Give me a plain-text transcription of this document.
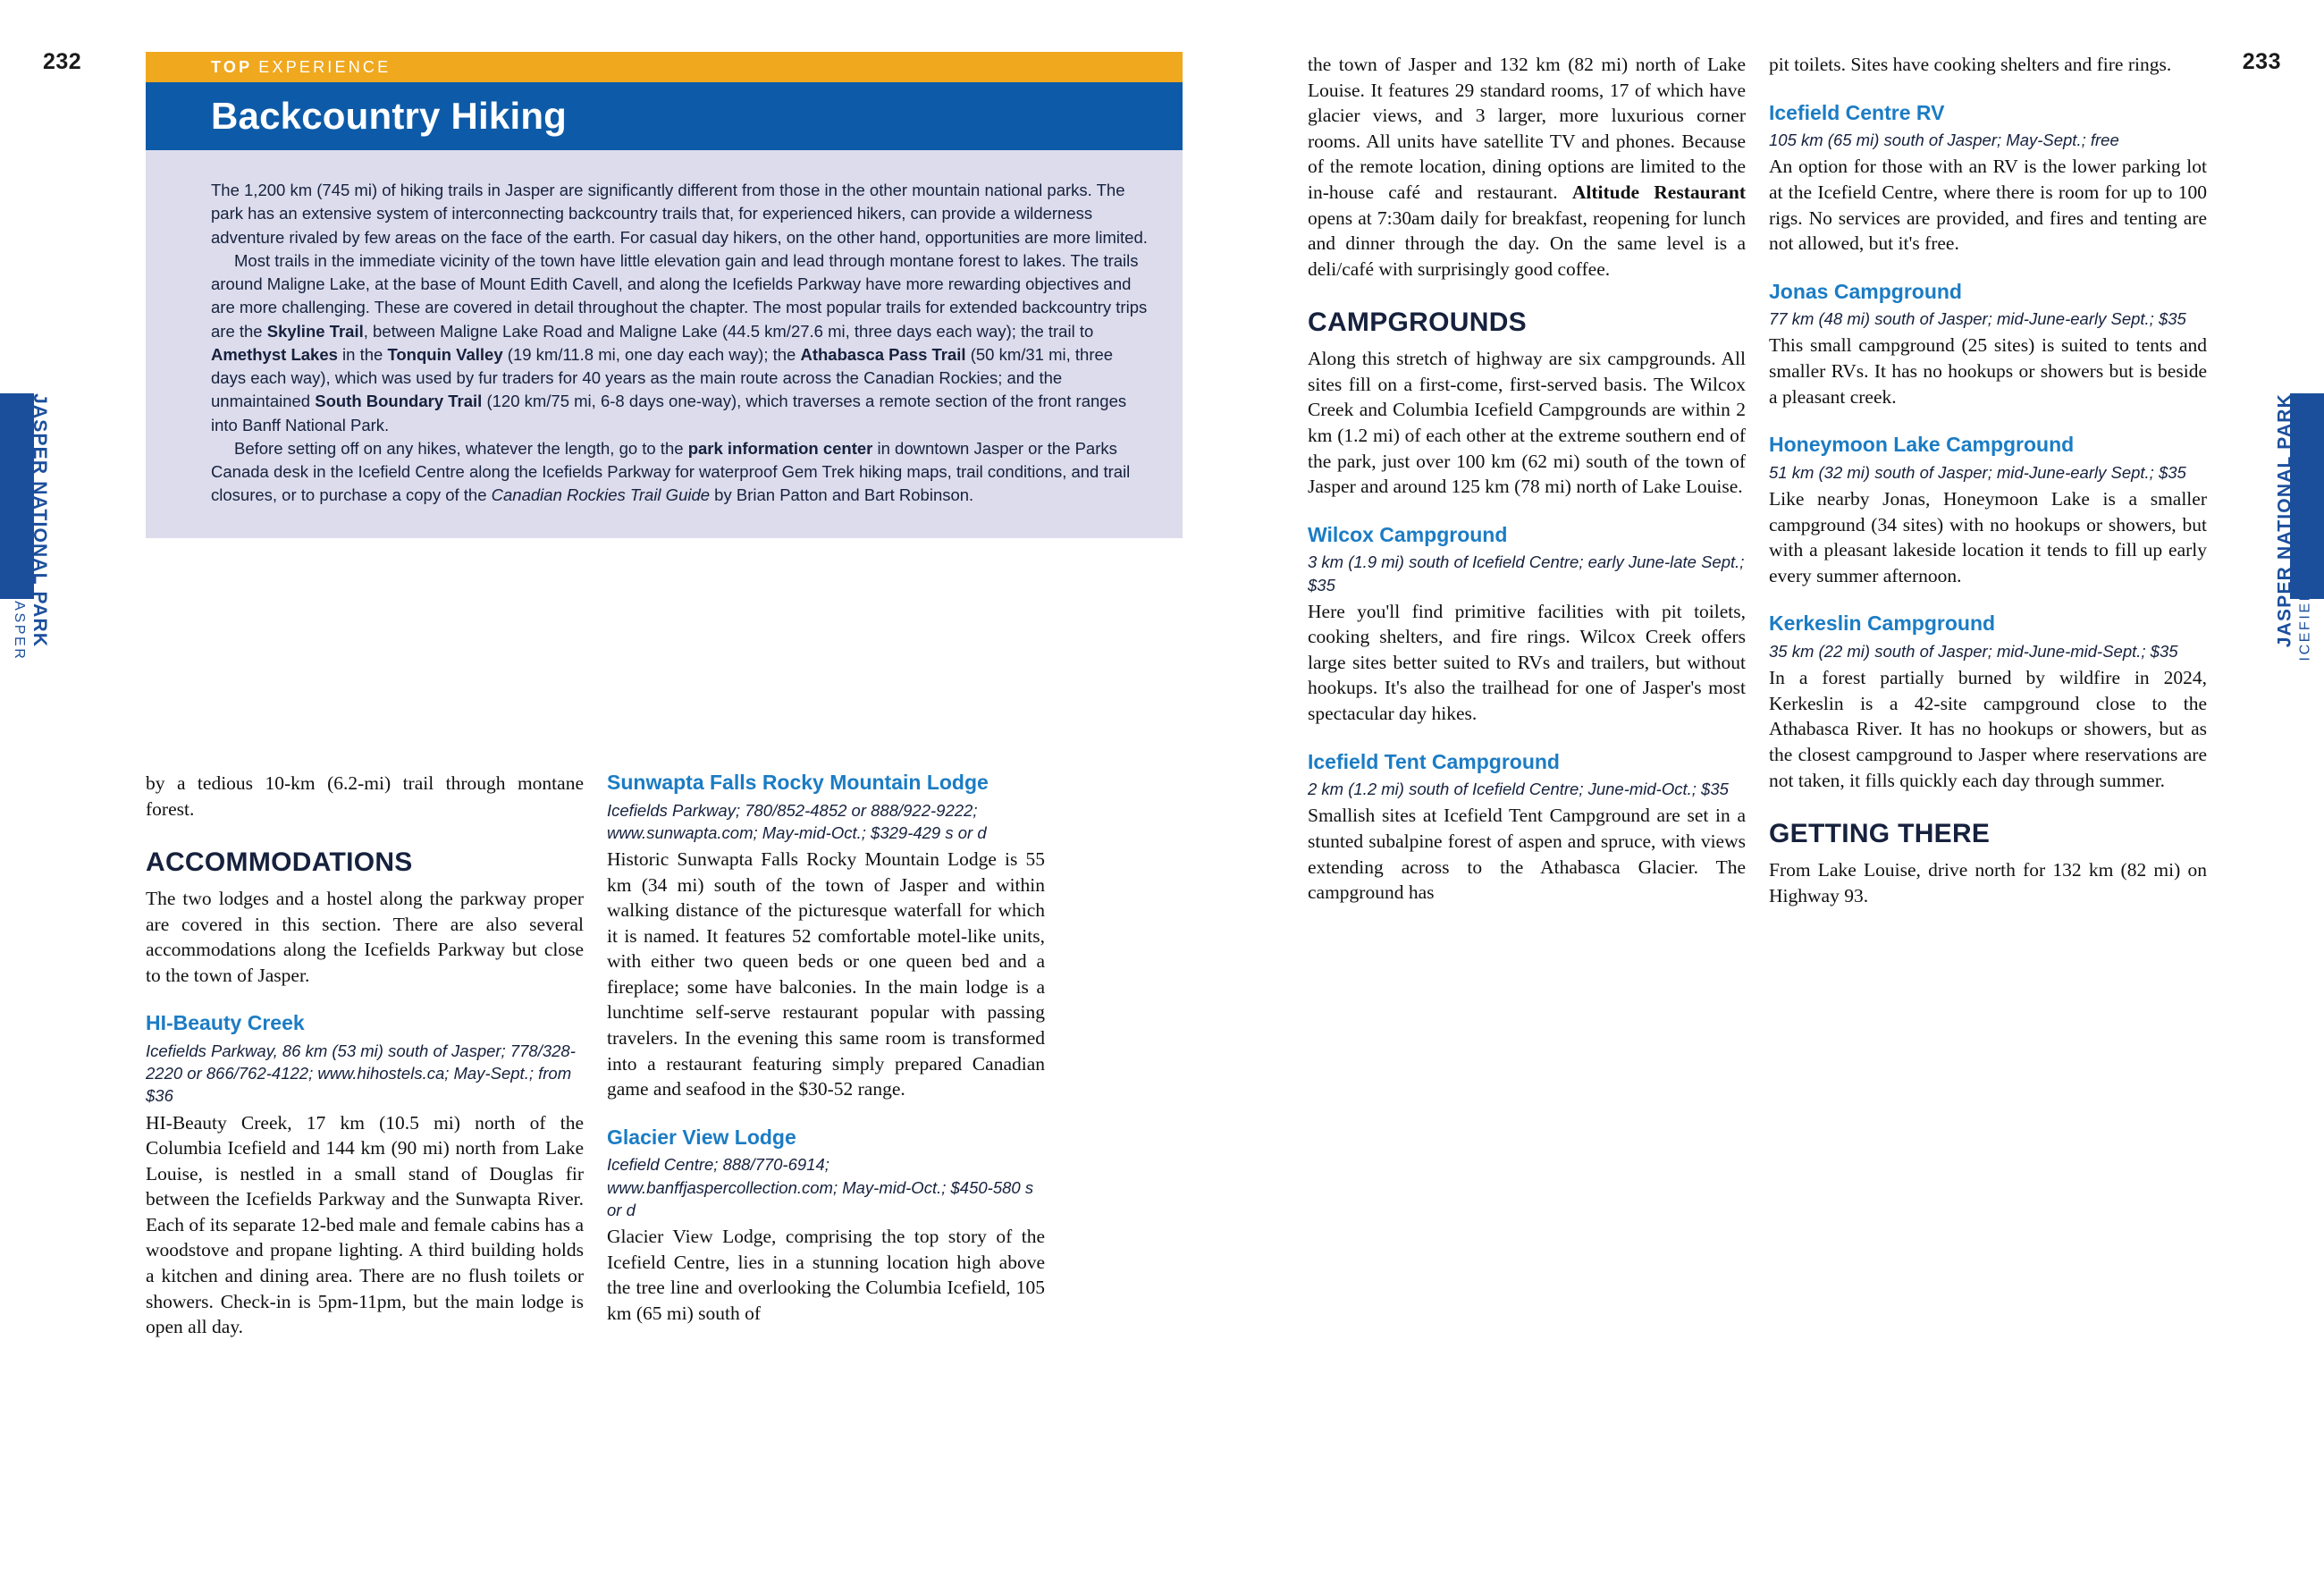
232	233
JASPER NATIONAL PARK
ICEFIELDS PARKWAY: JASPER	JASPER NATIONAL PARK ICEFIELDS PARKWAY: JASPER
TOP EXPERIENCE
Backcountry Hiking

The 1,200 km (745 mi) of hiking trails in Jasper are significantly different from those in the other mountain national parks. The park has an extensive system of interconnecting backcountry trails that, for experienced hikers, can provide a wilderness adventure rivaled by few areas on the face of the earth. For casual day hikers, on the other hand, opportunities are more limited.

Most trails in the immediate vicinity of the town have little elevation gain and lead through montane forest to lakes. The trails around Maligne Lake, at the base of Mount Edith Cavell, and along the Icefields Parkway have more rewarding objectives and are more challenging. These are covered in detail throughout the chapter. The most popular trails for extended backcountry trips are the Skyline Trail, between Maligne Lake Road and Maligne Lake (44.5 km/27.6 mi, three days each way); the trail to Amethyst Lakes in the Tonquin Valley (19 km/11.8 mi, one day each way); the Athabasca Pass Trail (50 km/31 mi, three days each way), which was used by fur traders for 40 years as the main route across the Canadian Rockies; and the unmaintained South Boundary Trail (120 km/75 mi, 6-8 days one-way), which traverses a remote section of the front ranges into Banff National Park.

Before setting off on any hikes, whatever the length, go to the park information center in downtown Jasper or the Parks Canada desk in the Icefield Centre along the Icefields Parkway for waterproof Gem Trek hiking maps, trail conditions, and trail closures, or to purchase a copy of the Canadian Rockies Trail Guide by Brian Patton and Bart Robinson.

by a tedious 10-km (6.2-mi) trail through montane forest.

ACCOMMODATIONS

The two lodges and a hostel along the parkway proper are covered in this section. There are also several accommodations along the Icefields Parkway but close to the town of Jasper.

HI-Beauty Creek

Icefields Parkway, 86 km (53 mi) south of Jasper; 778/328-2220 or 866/762-4122; www.hihostels.ca; May-Sept.; from $36

HI-Beauty Creek, 17 km (10.5 mi) north of the Columbia Icefield and 144 km (90 mi) north from Lake Louise, is nestled in a small stand of Douglas fir between the Icefields Parkway and the Sunwapta River. Each of its separate 12-bed male and female cabins has a woodstove and propane lighting. A third building holds a kitchen and dining area. There are no flush toilets or showers. Check-in is 5pm-11pm, but the main lodge is open all day.

Sunwapta Falls Rocky Mountain Lodge

Icefields Parkway; 780/852-4852 or 888/922-9222; www.sunwapta.com; May-mid-Oct.; $329-429 s or d

Historic Sunwapta Falls Rocky Mountain Lodge is 55 km (34 mi) south of the town of Jasper and within walking distance of the picturesque waterfall for which it is named. It features 52 comfortable motel-like units, with either two queen beds or one queen bed and a fireplace; some have balconies. In the main lodge is a lunchtime self-serve restaurant popular with passing travelers. In the evening this same room is transformed into a restaurant featuring simply prepared Canadian game and seafood in the $30-52 range.

Glacier View Lodge

Icefield Centre; 888/770-6914; www.banffjaspercollection.com; May-mid-Oct.; $450-580 s or d

Glacier View Lodge, comprising the top story of the Icefield Centre, lies in a stunning location high above the tree line and overlooking the Columbia Icefield, 105 km (65 mi) south of

the town of Jasper and 132 km (82 mi) north of Lake Louise. It features 29 standard rooms, 17 of which have glacier views, and 3 larger, more luxurious corner rooms. All units have satellite TV and phones. Because of the remote location, dining options are limited to the in-house café and restaurant. Altitude Restaurant opens at 7:30am daily for breakfast, reopening for lunch and dinner through the day. On the same level is a deli/café with surprisingly good coffee.

CAMPGROUNDS

Along this stretch of highway are six campgrounds. All sites fill on a first-come, first-served basis. The Wilcox Creek and Columbia Icefield Campgrounds are within 2 km (1.2 mi) of each other at the extreme southern end of the park, just over 100 km (62 mi) south of the town of Jasper and around 125 km (78 mi) north of Lake Louise.

Wilcox Campground

3 km (1.9 mi) south of Icefield Centre; early June-late Sept.; $35

Here you'll find primitive facilities with pit toilets, cooking shelters, and fire rings. Wilcox Creek offers large sites better suited to RVs and trailers, but without hookups. It's also the trailhead for one of Jasper's most spectacular day hikes.

Icefield Tent Campground

2 km (1.2 mi) south of Icefield Centre; June-mid-Oct.; $35

Smallish sites at Icefield Tent Campground are set in a stunted subalpine forest of aspen and spruce, with views extending across to the Athabasca Glacier. The campground has

pit toilets. Sites have cooking shelters and fire rings.

Icefield Centre RV

105 km (65 mi) south of Jasper; May-Sept.; free

An option for those with an RV is the lower parking lot at the Icefield Centre, where there is room for up to 100 rigs. No services are provided, and fires and tenting are not allowed, but it's free.

Jonas Campground

77 km (48 mi) south of Jasper; mid-June-early Sept.; $35

This small campground (25 sites) is suited to tents and smaller RVs. It has no hookups or showers but is beside a pleasant creek.

Honeymoon Lake Campground

51 km (32 mi) south of Jasper; mid-June-early Sept.; $35

Like nearby Jonas, Honeymoon Lake is a smaller campground (34 sites) with no hookups or showers, but with a pleasant lakeside location it tends to fill up early every summer afternoon.

Kerkeslin Campground

35 km (22 mi) south of Jasper; mid-June-mid-Sept.; $35

In a forest partially burned by wildfire in 2024, Kerkeslin is a 42-site campground close to the Athabasca River. It has no hookups or showers, but as the closest campground to Jasper where reservations are not taken, it fills quickly each day through summer.

GETTING THERE

From Lake Louise, drive north for 132 km (82 mi) on Highway 93.
